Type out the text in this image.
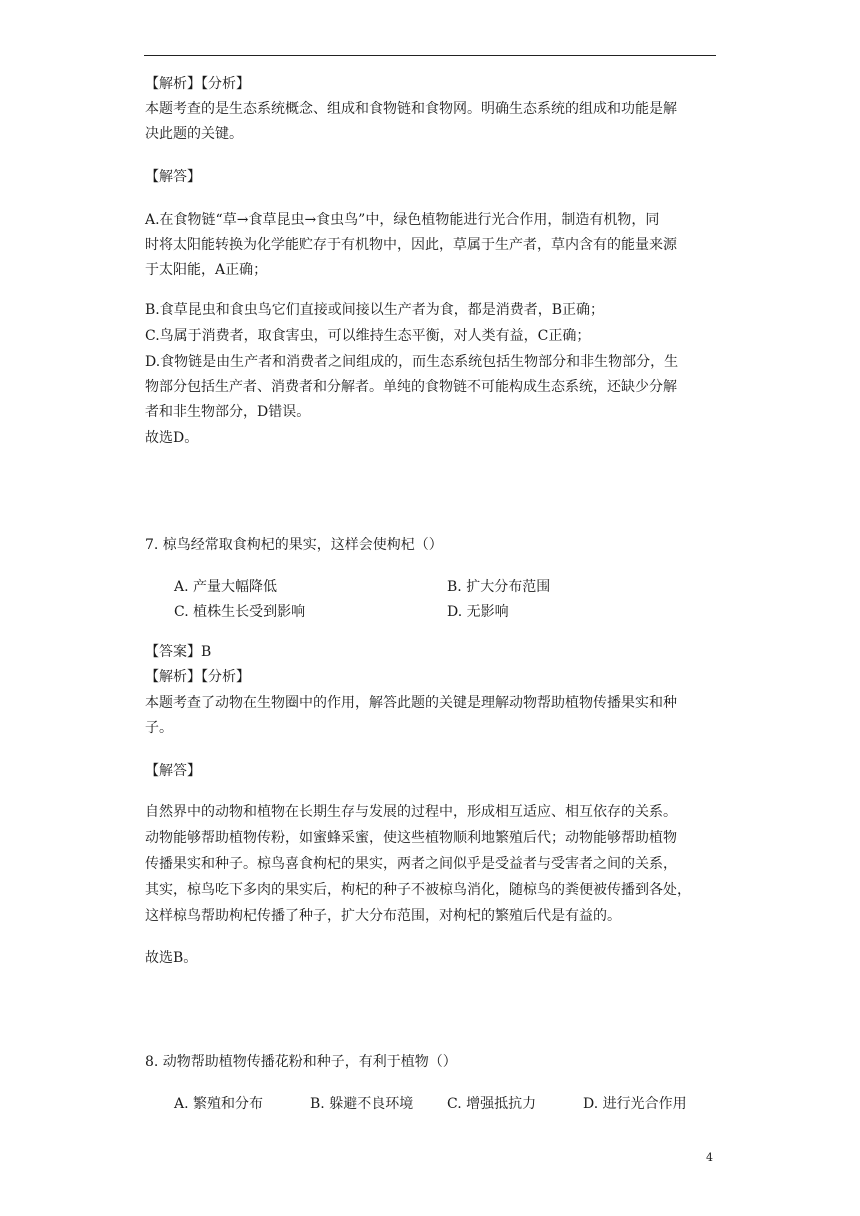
【解析】【分析】
本题考查的是生态系统概念、组成和食物链和食物网。明确生态系统的组成和功能是解
决此题的关键。
【解答】
A.在食物链“草→食草昆虫→食虫鸟”中，绿色植物能进行光合作用，制造有机物，同
时将太阳能转换为化学能贮存于有机物中，因此，草属于生产者，草内含有的能量来源
于太阳能，A正确；
B.食草昆虫和食虫鸟它们直接或间接以生产者为食，都是消费者，B正确；
C.鸟属于消费者，取食害虫，可以维持生态平衡，对人类有益，C正确；
D.食物链是由生产者和消费者之间组成的，而生态系统包括生物部分和非生物部分，生
物部分包括生产者、消费者和分解者。单纯的食物链不可能构成生态系统，还缺少分解
者和非生物部分，D错误。
故选D。
7. 椋鸟经常取食枸杞的果实，这样会使枸杞（）
A. 产量大幅降低	B. 扩大分布范围
C. 植株生长受到影响	D. 无影响
【答案】B
【解析】【分析】
本题考查了动物在生物圈中的作用，解答此题的关键是理解动物帮助植物传播果实和种
子。
【解答】
自然界中的动物和植物在长期生存与发展的过程中，形成相互适应、相互依存的关系。
动物能够帮助植物传粉，如蜜蜂采蜜，使这些植物顺利地繁殖后代；动物能够帮助植物
传播果实和种子。椋鸟喜食枸杞的果实，两者之间似乎是受益者与受害者之间的关系，
其实，椋鸟吃下多肉的果实后，枸杞的种子不被椋鸟消化，随椋鸟的粪便被传播到各处，
这样椋鸟帮助枸杞传播了种子，扩大分布范围，对枸杞的繁殖后代是有益的。
故选B。
8. 动物帮助植物传播花粉和种子，有利于植物（）
A. 繁殖和分布	B. 躲避不良环境 C. 增强抵抗力	D. 进行光合作用
4
